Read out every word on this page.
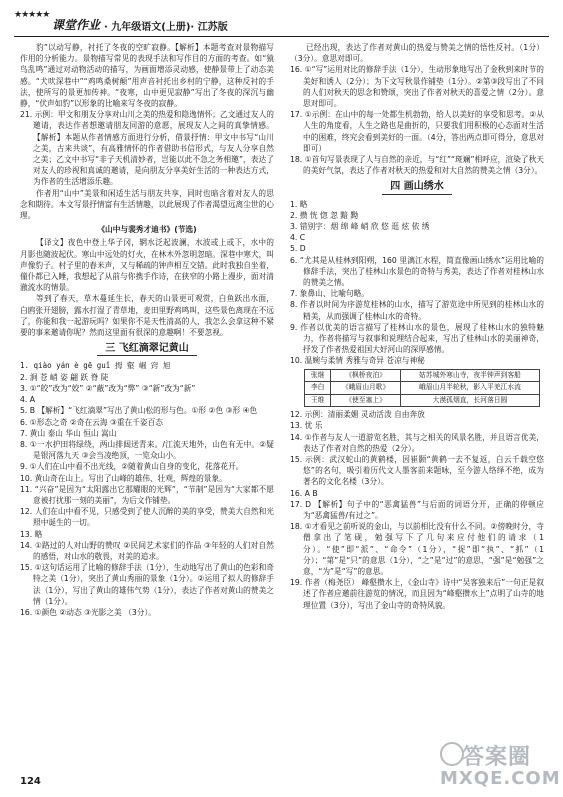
★★★★★
课堂作业 · 九年级语文(上册)· 江苏版

豹”以动写静，衬托了冬夜的空旷寂静。【解析】本题考查对景物描写作用的分析能力。景物描写常见的表现手法和写作目的方面的考查。如“猿鸟乱鸣”通过对动物活动的描写，为画面增添灵动感，使静景带上了动态美感。“犬吠深巷中”“鸡鸣桑树颠”用声音衬托出乡村的宁静，这种反衬的手法，使所写的景更加传神。“夜寒，山中更见寂静”写出了冬夜的深沉与幽静，“伏声如豹”以形象的比喻来写冬夜的寂静。

21. 示例：甲文和朋友分享对山川之美的热爱和隐逸情怀；乙文通过友人的邀请，表达作者想邀请朋友同游的意愿，展现友人之间的真挚情感。【解析】本题从作者情感方面进行分析，借景抒情：甲文中书写“山川之美，古来共谈”，有高雅情怀的作者借助书信形式，与友人分享自然之美；乙文中书写“非子天机清妙者，岂能以此不急之务相邀”，表达了对友人的珍视和真诚的邀请，是向朋友分享美好生活的一种表达方式，为作者的生活增添乐趣。

作者用“山中”美景和闲适生活与朋友共享，同时也暗含着对友人的思念和期待。本文写景抒情富有生活情趣，以此展现了作者渴望远离尘世的心理。

《山中与裴秀才迪书》(节选)

【译文】夜色中登上华子冈，辋水泛起波澜，水波或上或下，水中的月影也随波起伏。寒山中远处的灯火，在林木外忽明忽暗。深巷中寒犬，叫声像豹子。村子里的舂米声，又与稀疏的钟声相互交错。此时我独自坐着，僮仆都已入睡，我想起了从前与你携手作诗，在狭窄的小路上漫步，面对清澈流水的情景。

等到了春天，草木蔓延生长，春天的山景更可观赏，白鱼跃出水面，白鸥张开翅膀，露水打湿了青草地，麦田里野鸡鸣叫，这些景色离现在不远了，你能和我一起游玩吗？如果你不是天性清高的人，我怎么会拿这种不紧要的事来邀请你呢？然而这里面有很深的意趣啊！不要忽视。

三 飞红滴翠记黄山

1. qiào yán è gē guǐ 拇 壑 崛 窍 旭

2. 涧 苍 峭 姿 翩 跃 脊 陡

3. ①“皎”改为“姣” ②“蔽”改为“弊” ③“新”改为“新”

4. A

5. B 【解析】“飞红滴翠”写出了黄山松的形与色。①形 ②色 ③形 ④色

6. ①形态之奇 ②奇在云海 ③重在千姿百态

7. 黄山 泰山 华山 恒山 嵩山

8. ①一水护田将绿绕，两山排闼送青来。/江流天地外，山色有无中。②疑是银河落九天 ③会当凌绝顶，一览众山小。

9. ①人们在山中看不出光线，②随着黄山自身的变化，花落花开。

10. 黄山奇在山上。写出了山峰的雄伟、壮观，辉煌的景象。

11. “兴奋”是因为“太阳露出它那耀眼的光辉”，“节制”是因为“大家都不愿意被打扰那一刻的美丽”，为后文作铺垫。

12. 人们在山中看不见，只感受到了使人沉醉的美的享受，赞美大自然和光照中诞生的一切。

13. 略

14. ①路过的人对山野的赞叹 ②民间艺术家们的作品 ③年轻的人们对自然的感悟，对山水的敬畏，对美的追求。

15. ①这句话运用了比喻的修辞手法（1分），生动地写出了黄山的色彩和奇特之美（1分），突出了黄山秀丽的景象（1分）。②运用了拟人的修辞手法（1分），写出了黄山的雄伟气势（1分），表达了作者对黄山的赞美之情（1分）。

16. ①颜色 ②动态 ③光影之美 （3分）。

已经出现，表达了作者对黄山的热爱与赞美之情的悟性反衬。（1分）（3分）。意思对即可。

16. ①“写”运用对比的修辞手法（1分），生动形象地写出了金秋到来时节的美好和诱人（2分）；为下文写秋景作铺垫（1分）。②第③段写出了不同的人们对秋天的思念和赞颂，突出了作者对秋天的喜爱之情（2分）。意思对即可。

17. ①示例：在山中的每一处都生机勃勃，给人以美好的享受和思考。②从人生的角度看，人生之路也是曲折的，只要我们用积极的心态面对生活中的困难，终究会看到美好的一面。（4分，答出两点即可得分，意思对即可）

18. ①首句写景表现了人与自然的亲近，与“红”“斑斓”相呼应，渲染了秋天的美好气氛，表达了作者对秋天的热爱和对大自然的赞美之情（3分）。

四 画山绣水

1. 略

2. 攒 恍 惚 忽 黯 黝

3. 错别字：烟 绵 峰 峭 欣 悠 逛 炫 依 绣

4. C

5. D

6. “尤其是从桂林到阳朔，160 里漓江水程，简直像画山绣水”运用比喻的修辞手法，突出了桂林山水景色的奇特与秀美，表达了作者对桂林山水的赞美之情。

7. 象鼻山、比喻句略。

8. 作者以时间为序游览桂林的山水，描写了游览途中所见到的桂林山水的精美，从而强调了桂林山水的奇特。

9. 作者以优美的语言描写了桂林山水的景色，展现了桂林山水的独特魅力，作者将描写与叙事和说理结合起来，写出了桂林山水的美丽神奇，抒发了作者热爱祖国大好河山的深厚感情。

10. 温婉与柔情 秀雅与奇异 苍凉与神秘

张继	《枫桥夜泊》	姑苏城外寒山寺，夜半钟声到客船
李白	《峨眉山月歌》	峨眉山月半轮秋，影入平羌江水流
王维	《使至塞上》	大漠孤烟直，长河落日圆

12. 示例：清丽柔媚 灵动活泼 自由奔放

13. 忧 乐

14. ①作者与友人一道游览名胜，其与之相关的风景名胜，并且语言优美，表达了作者对自然的热爱（2分）。

15. 示例：武汉蛇山的黄鹤楼，因崔颢“黄鹤一去不复返，白云千载空悠悠”的名句，吸引着历代文人墨客前来题咏，至今游人络绎不绝，成为著名的文化名楼（3分）。

16. A B

17. D 【解析】句子中的“恶禽猛兽”与后面的词语分开，正确的停顿应为“恶禽猛兽/有过之”。

18. ①才看见之前听说的金山，与以前相比没有什么不同。②傍晚时分，寺僧拿出了笔砚，勉强写下了几句来应付他们的请求（1分）。“使”即“派”、“命令”（1分），“捉”即“执”、“抓”（1分）；“第”是“只”的意思（1分），“之”是“过”的意思，“强”是“勉强”之意，“为”是“写”的意思。

19. 作者（梅尧臣） 峰壑攒水上，《金山寺》诗中“吴客独来后”一句正是叙述了作者应邀前往游览的情况，而且因为“峰壑攒水上”点明了山寺的地理位置（3分），写出了金山寺的奇特风貌。

124
答案圈
MXQE.COM
